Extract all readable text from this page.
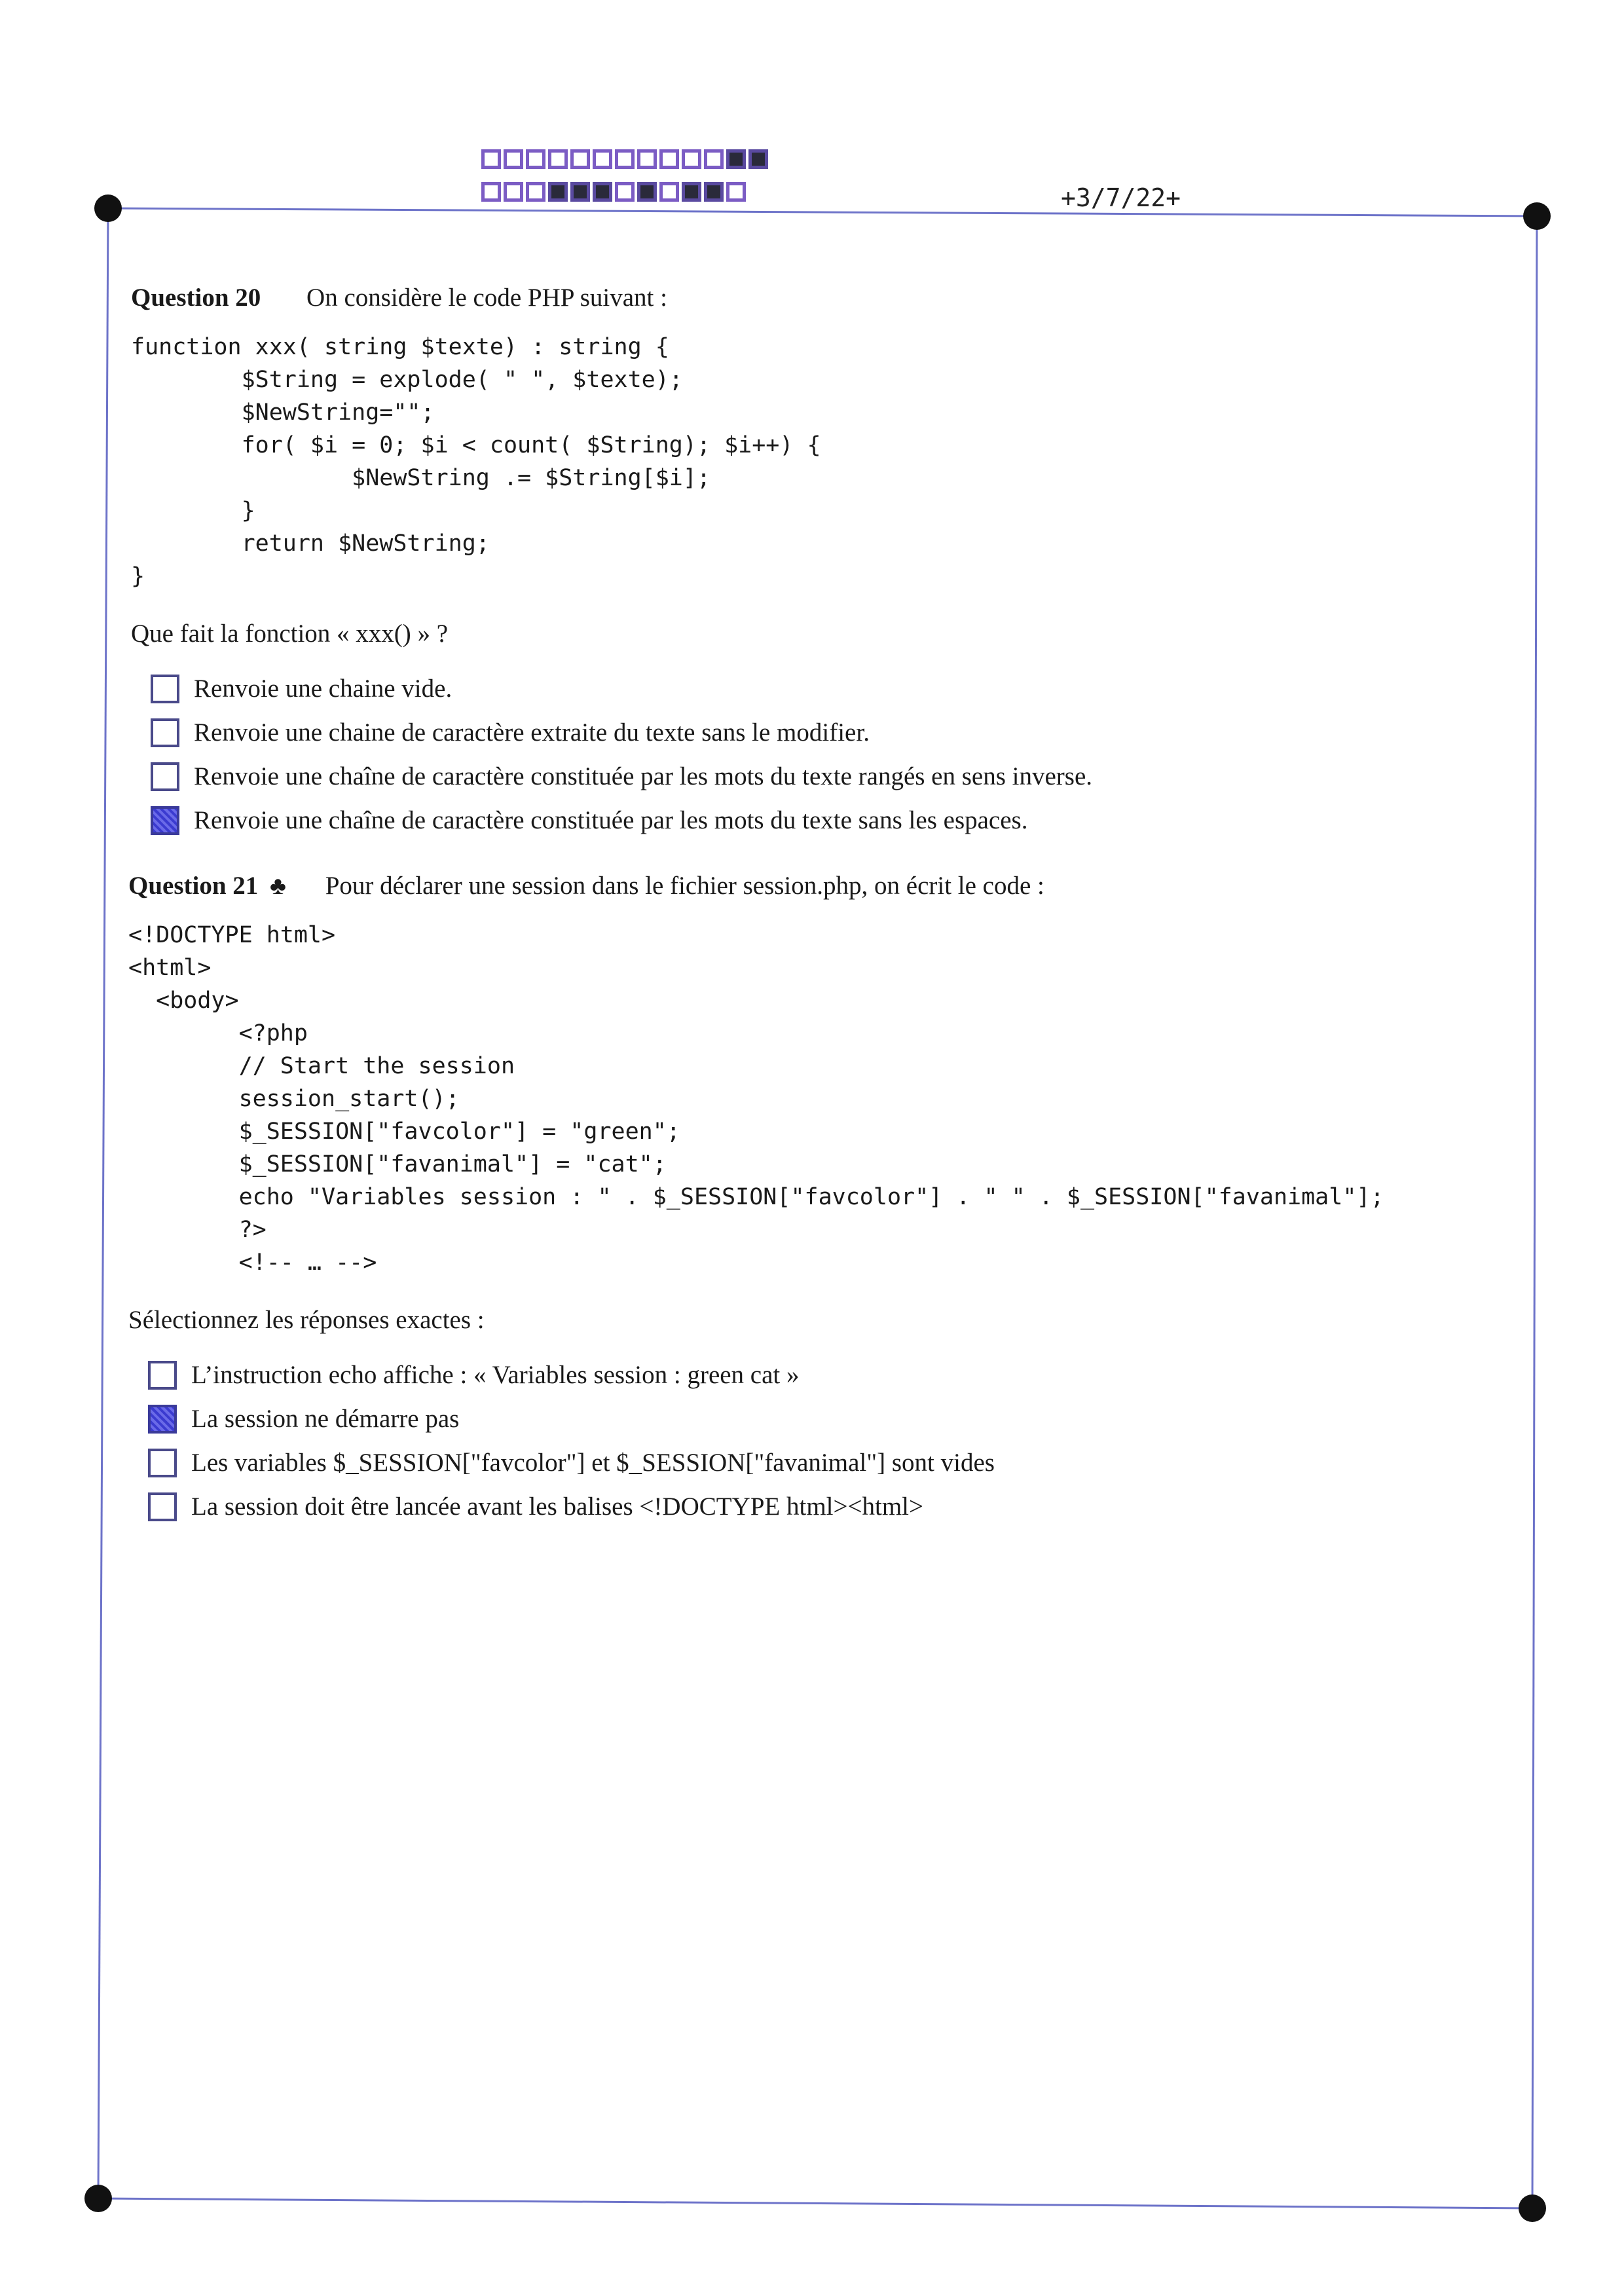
+3/7/22+
Question 20 On considère le code PHP suivant :
function xxx( string $texte) : string {
$String = explode( " ", $texte);
$NewString="";
for( $i = 0; $i < count( $String); $i++) {
$NewString .= $String[$i];
}
return $NewString;
}
Que fait la fonction « xxx() » ?
Renvoie une chaine vide.
Renvoie une chaine de caractère extraite du texte sans le modifier.
Renvoie une chaîne de caractère constituée par les mots du texte rangés en sens inverse.
Renvoie une chaîne de caractère constituée par les mots du texte sans les espaces.
Question 21 ♣ Pour déclarer une session dans le fichier session.php, on écrit le code :
<!DOCTYPE html>
<html>
<body>
<?php
// Start the session
session_start();
$_SESSION["favcolor"] = "green";
$_SESSION["favanimal"] = "cat";
echo "Variables session : " . $_SESSION["favcolor"] . " " . $_SESSION["favanimal"];
?>
<!-- … -->
Sélectionnez les réponses exactes :
L’instruction echo affiche : « Variables session : green cat »
La session ne démarre pas
Les variables $_SESSION["favcolor"] et $_SESSION["favanimal"] sont vides
La session doit être lancée avant les balises <!DOCTYPE html><html>
